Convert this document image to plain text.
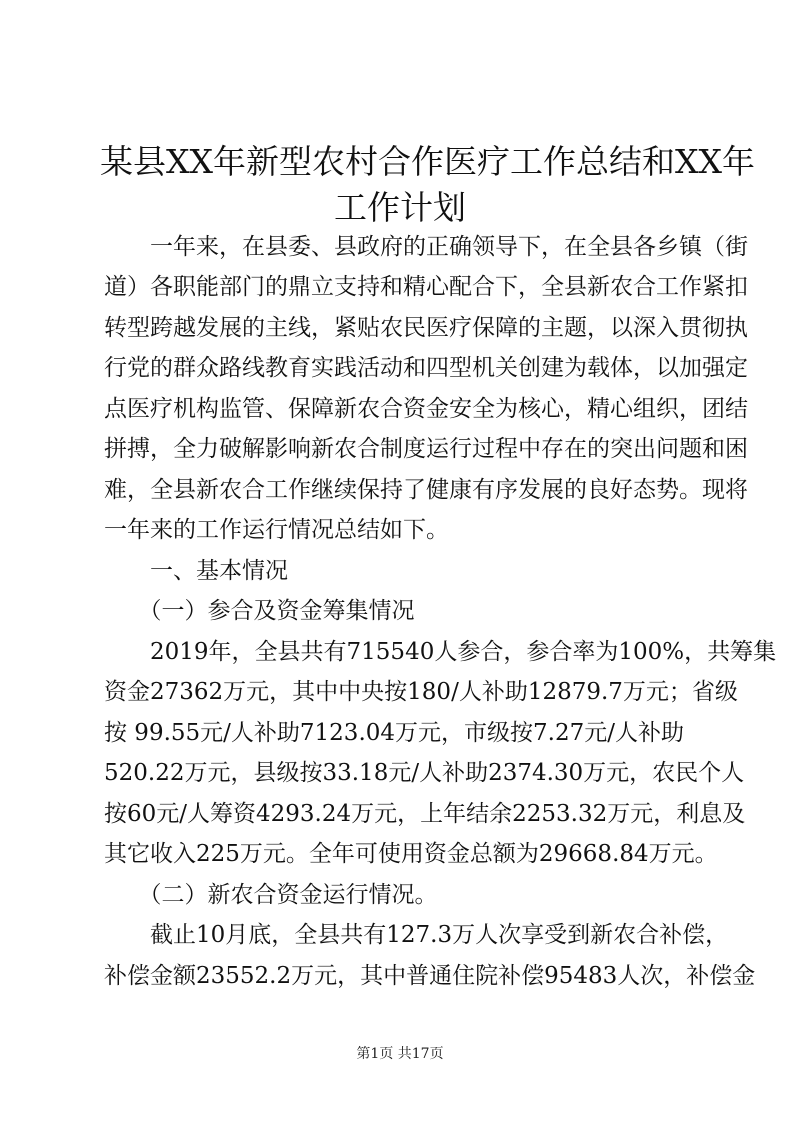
某县XX年新型农村合作医疗工作总结和XX年
工作计划

　　一年来，在县委、县政府的正确领导下，在全县各乡镇（街

道）各职能部门的鼎立支持和精心配合下，全县新农合工作紧扣

转型跨越发展的主线，紧贴农民医疗保障的主题，以深入贯彻执

行党的群众路线教育实践活动和四型机关创建为载体，以加强定

点医疗机构监管、保障新农合资金安全为核心，精心组织，团结

拼搏，全力破解影响新农合制度运行过程中存在的突出问题和困

难，全县新农合工作继续保持了健康有序发展的良好态势。现将

一年来的工作运行情况总结如下。

　　一、基本情况

　　（一）参合及资金筹集情况

　　2019年，全县共有715540人参合，参合率为100%，共筹集

资金27362万元，其中中央按180/人补助12879.7万元；省级

按 99.55元/人补助7123.04万元，市级按7.27元/人补助

520.22万元，县级按33.18元/人补助2374.30万元，农民个人

按60元/人筹资4293.24万元，上年结余2253.32万元，利息及

其它收入225万元。全年可使用资金总额为29668.84万元。

　　（二）新农合资金运行情况。

　　截止10月底，全县共有127.3万人次享受到新农合补偿，

补偿金额23552.2万元，其中普通住院补偿95483人次，补偿金

第1页 共17页
